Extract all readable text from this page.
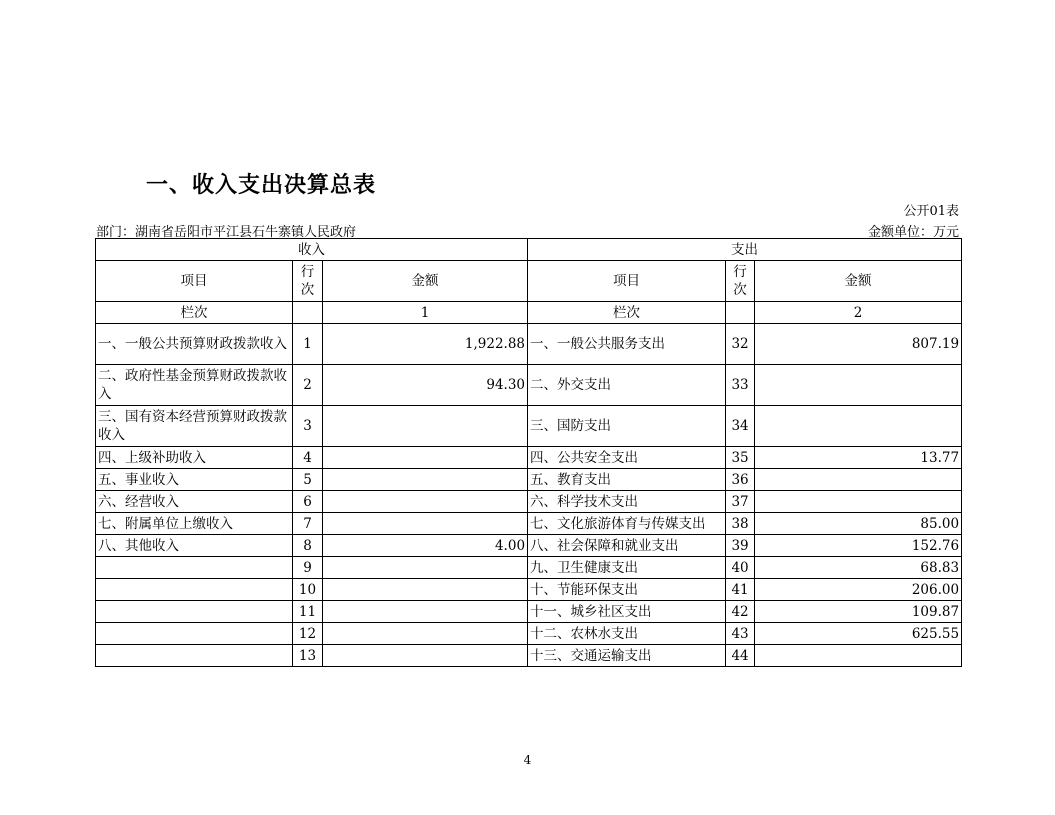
一、收入支出决算总表
公开01表
部门：湖南省岳阳市平江县石牛寨镇人民政府	金额单位：万元
收入			支出		
项目	行次	金额	项目	行次	金额
栏次		1	栏次		2
一、一般公共预算财政拨款收入	1	1,922.88	一、一般公共服务支出	32	807.19
二、政府性基金预算财政拨款收入	2	94.30	二、外交支出	33	
三、国有资本经营预算财政拨款收入	3		三、国防支出	34	
四、上级补助收入	4		四、公共安全支出	35	13.77
五、事业收入	5		五、教育支出	36	
六、经营收入	6		六、科学技术支出	37	
七、附属单位上缴收入	7		七、文化旅游体育与传媒支出	38	85.00
八、其他收入	8	4.00	八、社会保障和就业支出	39	152.76
	9		九、卫生健康支出	40	68.83
	10		十、节能环保支出	41	206.00
	11		十一、城乡社区支出	42	109.87
	12		十二、农林水支出	43	625.55
	13		十三、交通运输支出	44	
4
